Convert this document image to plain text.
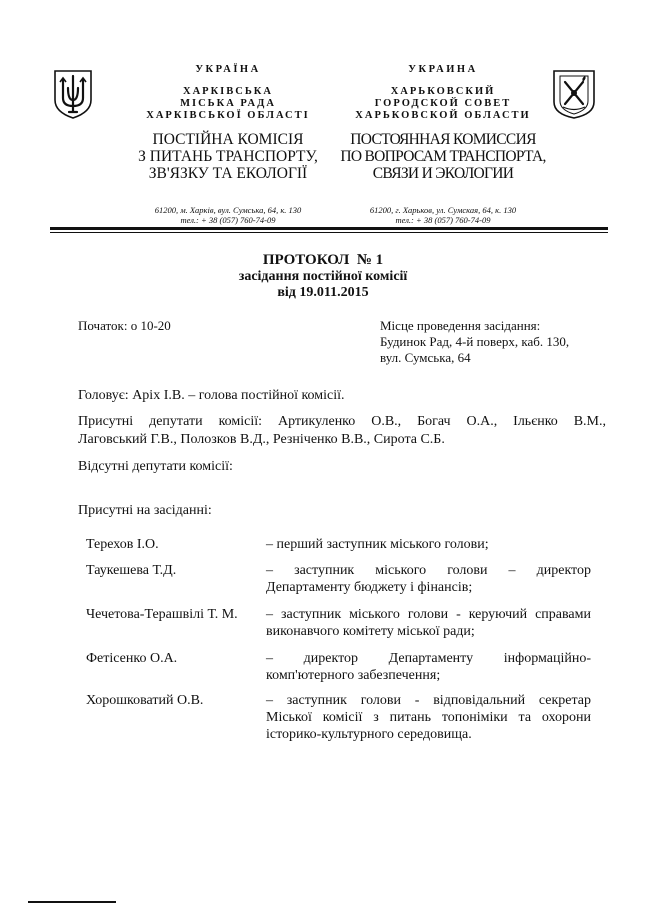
УКРАЇНА
ХАРКІВСЬКА
МІСЬКА РАДА
ХАРКІВСЬКОЇ ОБЛАСТІ
ПОСТІЙНА КОМІСІЯ
З ПИТАНЬ ТРАНСПОРТУ,
ЗВ'ЯЗКУ ТА ЕКОЛОГІЇ
61200, м. Харків, вул. Сумська, 64, к. 130
тел.: + 38 (057) 760-74-09
УКРАИНА
ХАРЬКОВСКИЙ
ГОРОДСКОЙ СОВЕТ
ХАРЬКОВСКОЙ ОБЛАСТИ
ПОСТОЯННАЯ КОМИССИЯ
ПО ВОПРОСАМ ТРАНСПОРТА,
СВЯЗИ И ЭКОЛОГИИ
61200, г. Харьков, ул. Сумская, 64, к. 130
тел.: + 38 (057) 760-74-09
ПРОТОКОЛ  № 1
засідання постійної комісії
від 19.011.2015
Початок: о 10-20	Місце проведення засідання:
Будинок Рад, 4-й поверх, каб. 130,
вул. Сумська, 64
Головує: Аріх І.В. – голова постійної комісії.
Присутні депутати комісії: Артикуленко О.В., Богач О.А., Ільєнко В.М.,
Лаговський Г.В., Полозков В.Д., Резніченко В.В., Сирота С.Б.
Відсутні депутати комісії:
Присутні на засіданні:
Терехов І.О.	– перший заступник міського голови;
Таукешева Т.Д.	– заступник міського голови – директор
Департаменту бюджету і фінансів;
Чечетова-Терашвілі Т. М.	– заступник міського голови - керуючий справами
виконавчого комітету міської ради;
Фетісенко О.А.	– директор Департаменту інформаційно-
комп'ютерного забезпечення;
Хорошковатий О.В.	– заступник голови - відповідальний секретар
Міської комісії з питань топоніміки та охорони
історико-культурного середовища.
